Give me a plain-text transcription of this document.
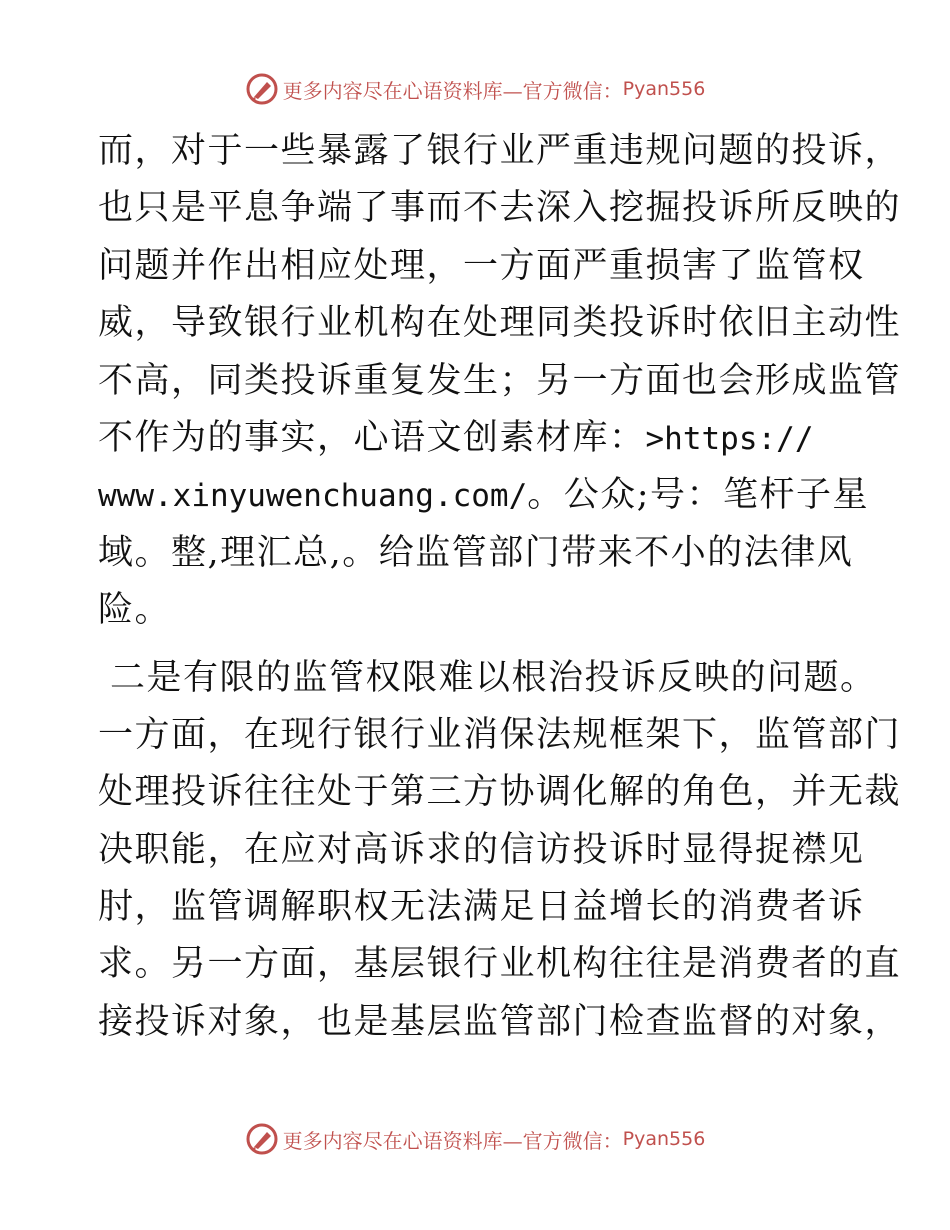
更多内容尽在心语资料库—官方微信： Pyan556
而，对于一些暴露了银行业严重违规问题的投诉，
也只是平息争端了事而不去深入挖掘投诉所反映的
问题并作出相应处理，一方面严重损害了监管权
威，导致银行业机构在处理同类投诉时依旧主动性
不高，同类投诉重复发生；另一方面也会形成监管
不作为的事实，心语文创素材库：>https://
www.xinyuwenchuang.com/。公众;号：笔杆子星
域。整,理汇总,。给监管部门带来不小的法律风
险。
二是有限的监管权限难以根治投诉反映的问题。
一方面，在现行银行业消保法规框架下，监管部门
处理投诉往往处于第三方协调化解的角色，并无裁
决职能，在应对高诉求的信访投诉时显得捉襟见
肘，监管调解职权无法满足日益增长的消费者诉
求。另一方面，基层银行业机构往往是消费者的直
接投诉对象，也是基层监管部门检查监督的对象，
更多内容尽在心语资料库—官方微信： Pyan556
